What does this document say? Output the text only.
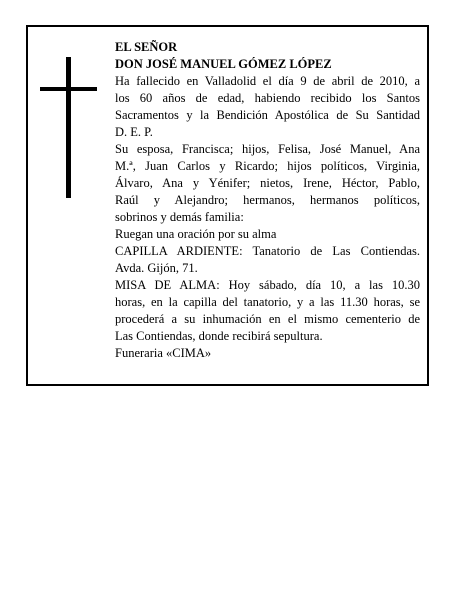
EL SEÑOR
DON JOSÉ MANUEL GÓMEZ LÓPEZ
Ha fallecido en Valladolid el día 9 de abril de 2010, a
los 60 años de edad, habiendo recibido los Santos
Sacramentos y la Bendición Apostólica de Su Santidad
D. E. P.
Su esposa, Francisca; hijos, Felisa, José Manuel, Ana
M.ª, Juan Carlos y Ricardo; hijos políticos, Virginia,
Álvaro, Ana y Yénifer; nietos, Irene, Héctor, Pablo,
Raúl y Alejandro; hermanos, hermanos políticos,
sobrinos y demás familia:
Ruegan una oración por su alma
CAPILLA ARDIENTE: Tanatorio de Las Contiendas.
Avda. Gijón, 71.
MISA DE ALMA: Hoy sábado, día 10, a las 10.30
horas, en la capilla del tanatorio, y a las 11.30 horas, se
procederá a su inhumación en el mismo cementerio de
Las Contiendas, donde recibirá sepultura.
Funeraria «CIMA»
